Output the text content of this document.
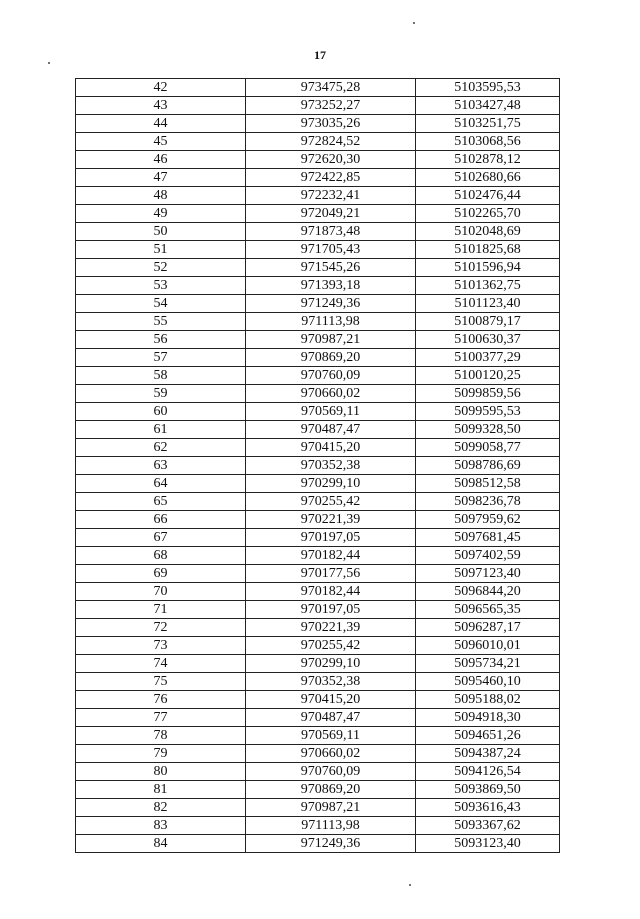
17
42	973475,28	5103595,53
43	973252,27	5103427,48
44	973035,26	5103251,75
45	972824,52	5103068,56
46	972620,30	5102878,12
47	972422,85	5102680,66
48	972232,41	5102476,44
49	972049,21	5102265,70
50	971873,48	5102048,69
51	971705,43	5101825,68
52	971545,26	5101596,94
53	971393,18	5101362,75
54	971249,36	5101123,40
55	971113,98	5100879,17
56	970987,21	5100630,37
57	970869,20	5100377,29
58	970760,09	5100120,25
59	970660,02	5099859,56
60	970569,11	5099595,53
61	970487,47	5099328,50
62	970415,20	5099058,77
63	970352,38	5098786,69
64	970299,10	5098512,58
65	970255,42	5098236,78
66	970221,39	5097959,62
67	970197,05	5097681,45
68	970182,44	5097402,59
69	970177,56	5097123,40
70	970182,44	5096844,20
71	970197,05	5096565,35
72	970221,39	5096287,17
73	970255,42	5096010,01
74	970299,10	5095734,21
75	970352,38	5095460,10
76	970415,20	5095188,02
77	970487,47	5094918,30
78	970569,11	5094651,26
79	970660,02	5094387,24
80	970760,09	5094126,54
81	970869,20	5093869,50
82	970987,21	5093616,43
83	971113,98	5093367,62
84	971249,36	5093123,40
